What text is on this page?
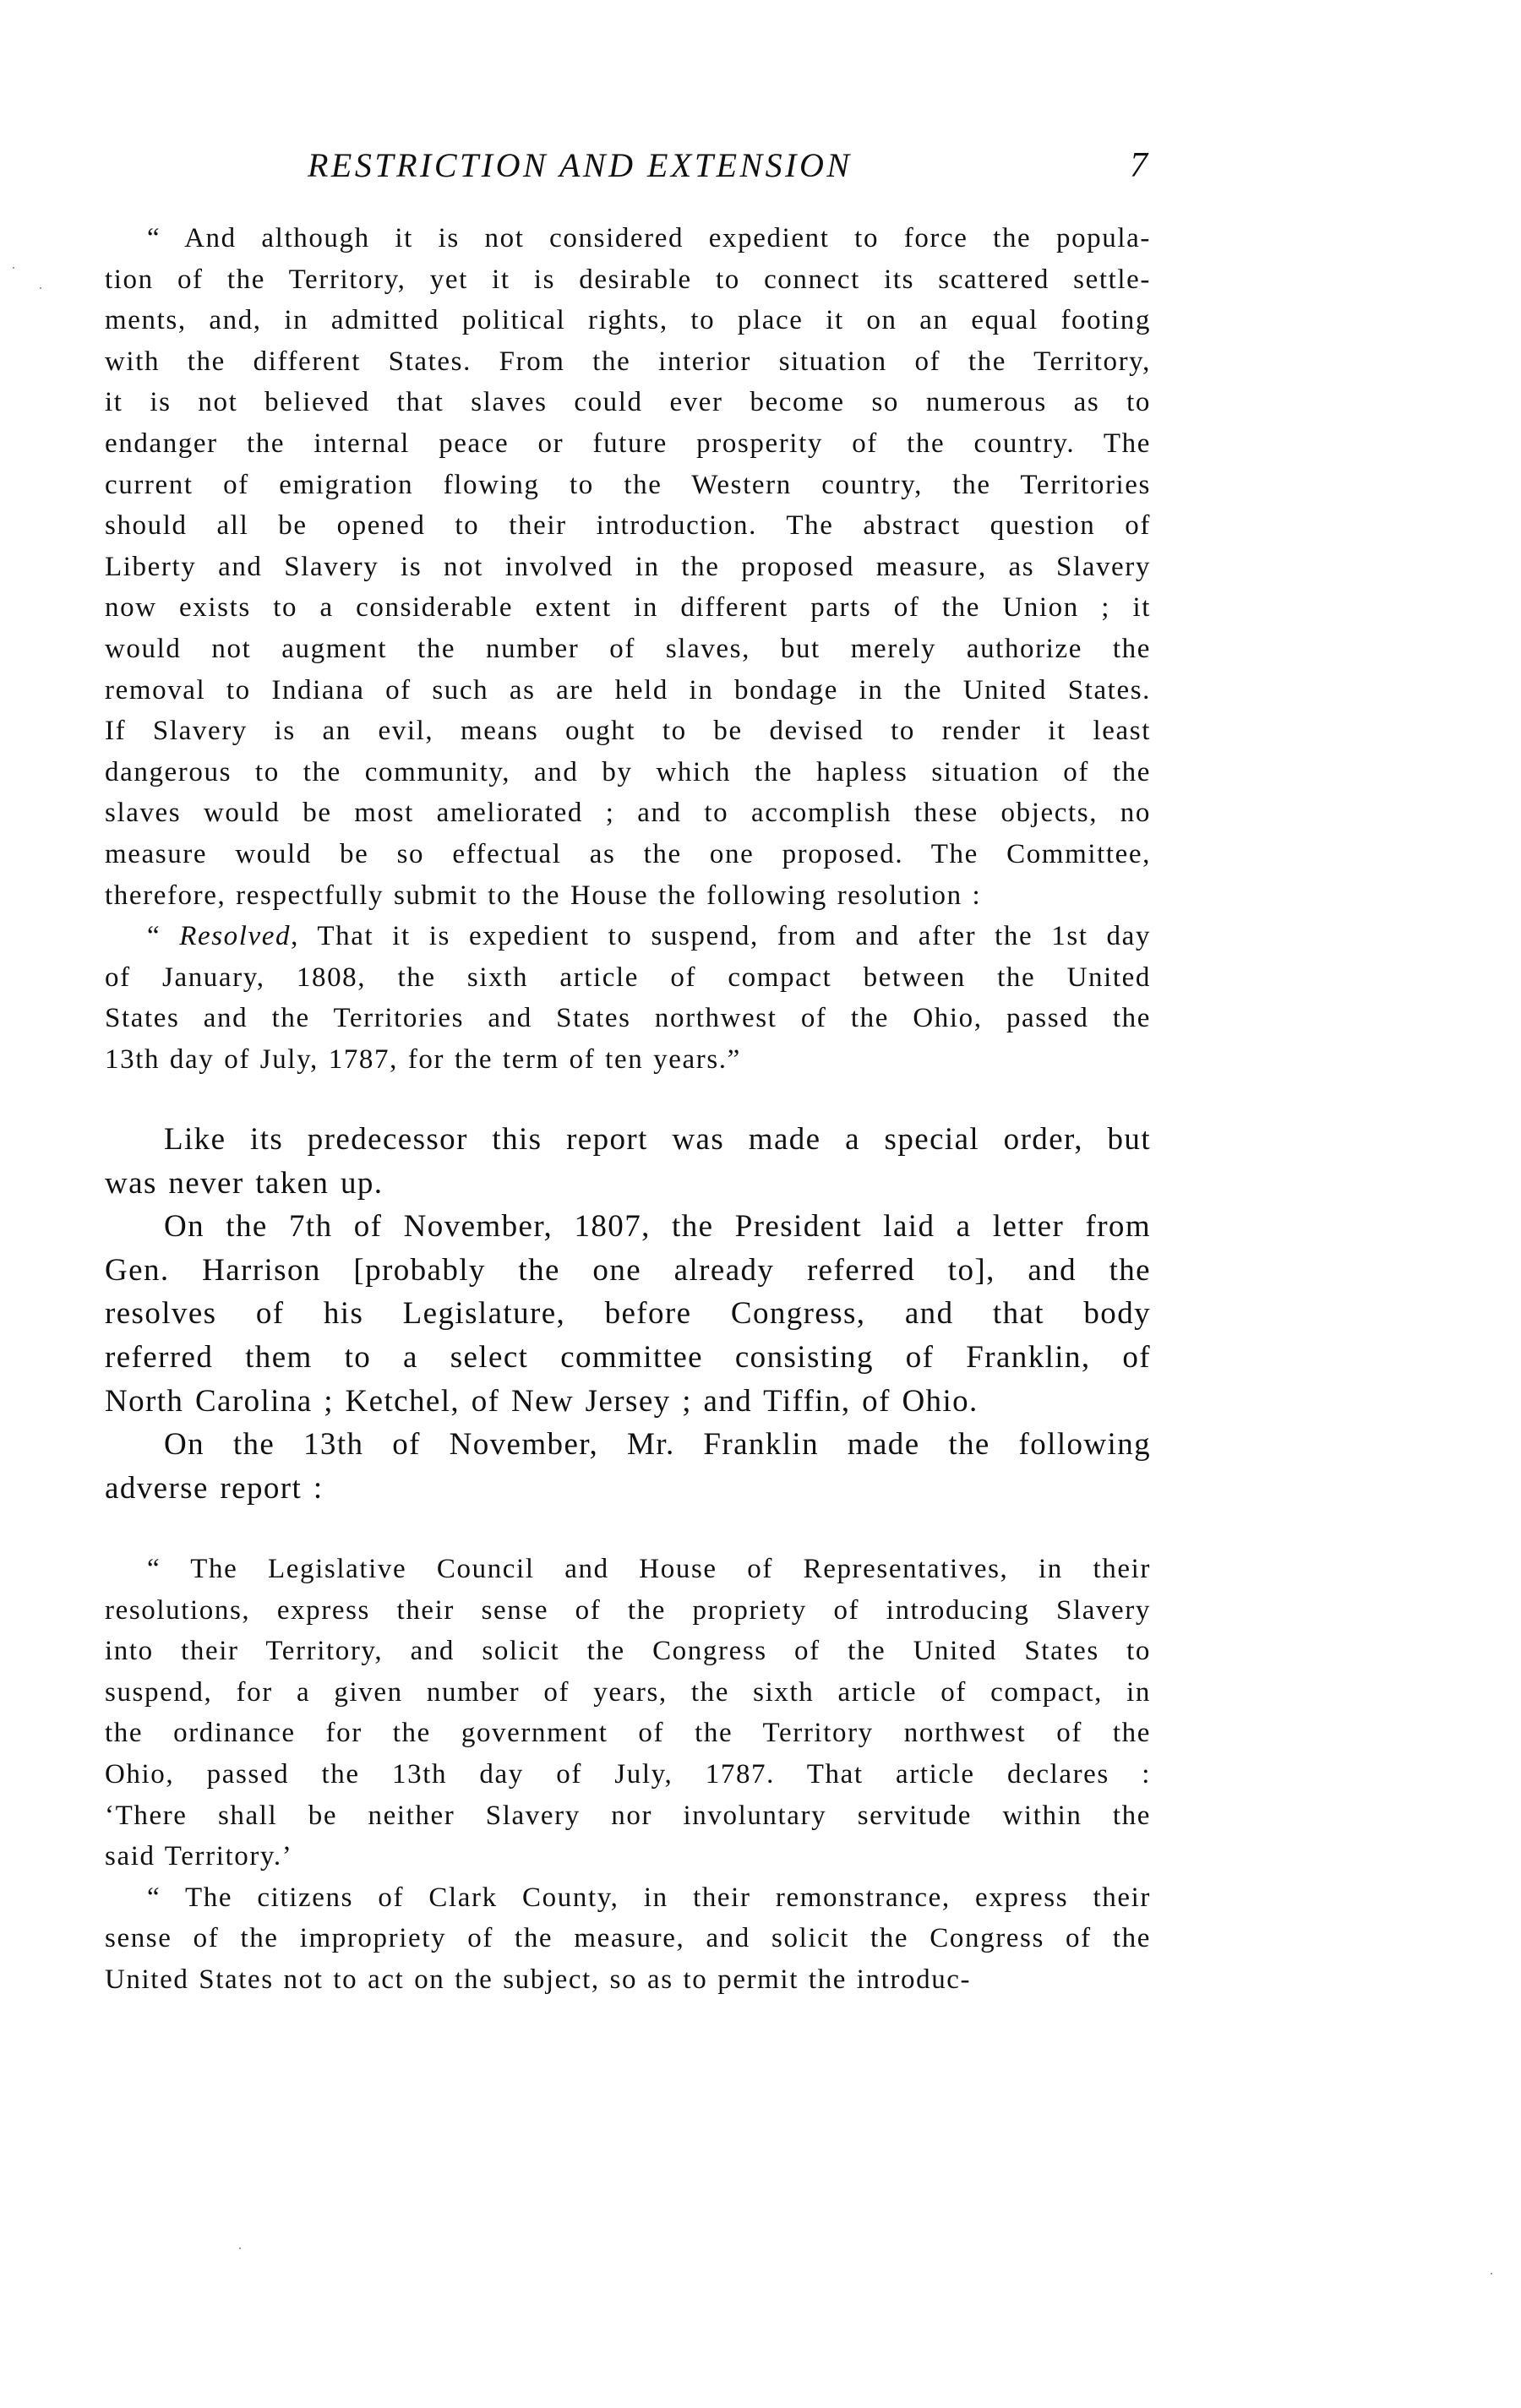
RESTRICTION AND EXTENSION	7

“ And although it is not considered expedient to force the popula-
tion of the Territory, yet it is desirable to connect its scattered settle-
ments, and, in admitted political rights, to place it on an equal footing
with the different States. From the interior situation of the Territory,
it is not believed that slaves could ever become so numerous as to
endanger the internal peace or future prosperity of the country. The
current of emigration flowing to the Western country, the Territories
should all be opened to their introduction. The abstract question of
Liberty and Slavery is not involved in the proposed measure, as Slavery
now exists to a considerable extent in different parts of the Union ; it
would not augment the number of slaves, but merely authorize the
removal to Indiana of such as are held in bondage in the United States.
If Slavery is an evil, means ought to be devised to render it least
dangerous to the community, and by which the hapless situation of the
slaves would be most ameliorated ; and to accomplish these objects, no
measure would be so effectual as the one proposed. The Committee,
therefore, respectfully submit to the House the following resolution :

“ Resolved, That it is expedient to suspend, from and after the 1st day
of January, 1808, the sixth article of compact between the United
States and the Territories and States northwest of the Ohio, passed the
13th day of July, 1787, for the term of ten years.”

Like its predecessor this report was made a special order, but
was never taken up.

On the 7th of November, 1807, the President laid a letter from
Gen. Harrison [probably the one already referred to], and the
resolves of his Legislature, before Congress, and that body
referred them to a select committee consisting of Franklin, of
North Carolina ; Ketchel, of New Jersey ; and Tiffin, of Ohio.

On the 13th of November, Mr. Franklin made the following
adverse report :

“ The Legislative Council and House of Representatives, in their
resolutions, express their sense of the propriety of introducing Slavery
into their Territory, and solicit the Congress of the United States to
suspend, for a given number of years, the sixth article of compact, in
the ordinance for the government of the Territory northwest of the
Ohio, passed the 13th day of July, 1787. That article declares :
‘There shall be neither Slavery nor involuntary servitude within the
said Territory.’

“ The citizens of Clark County, in their remonstrance, express their
sense of the impropriety of the measure, and solicit the Congress of the
United States not to act on the subject, so as to permit the introduc-
